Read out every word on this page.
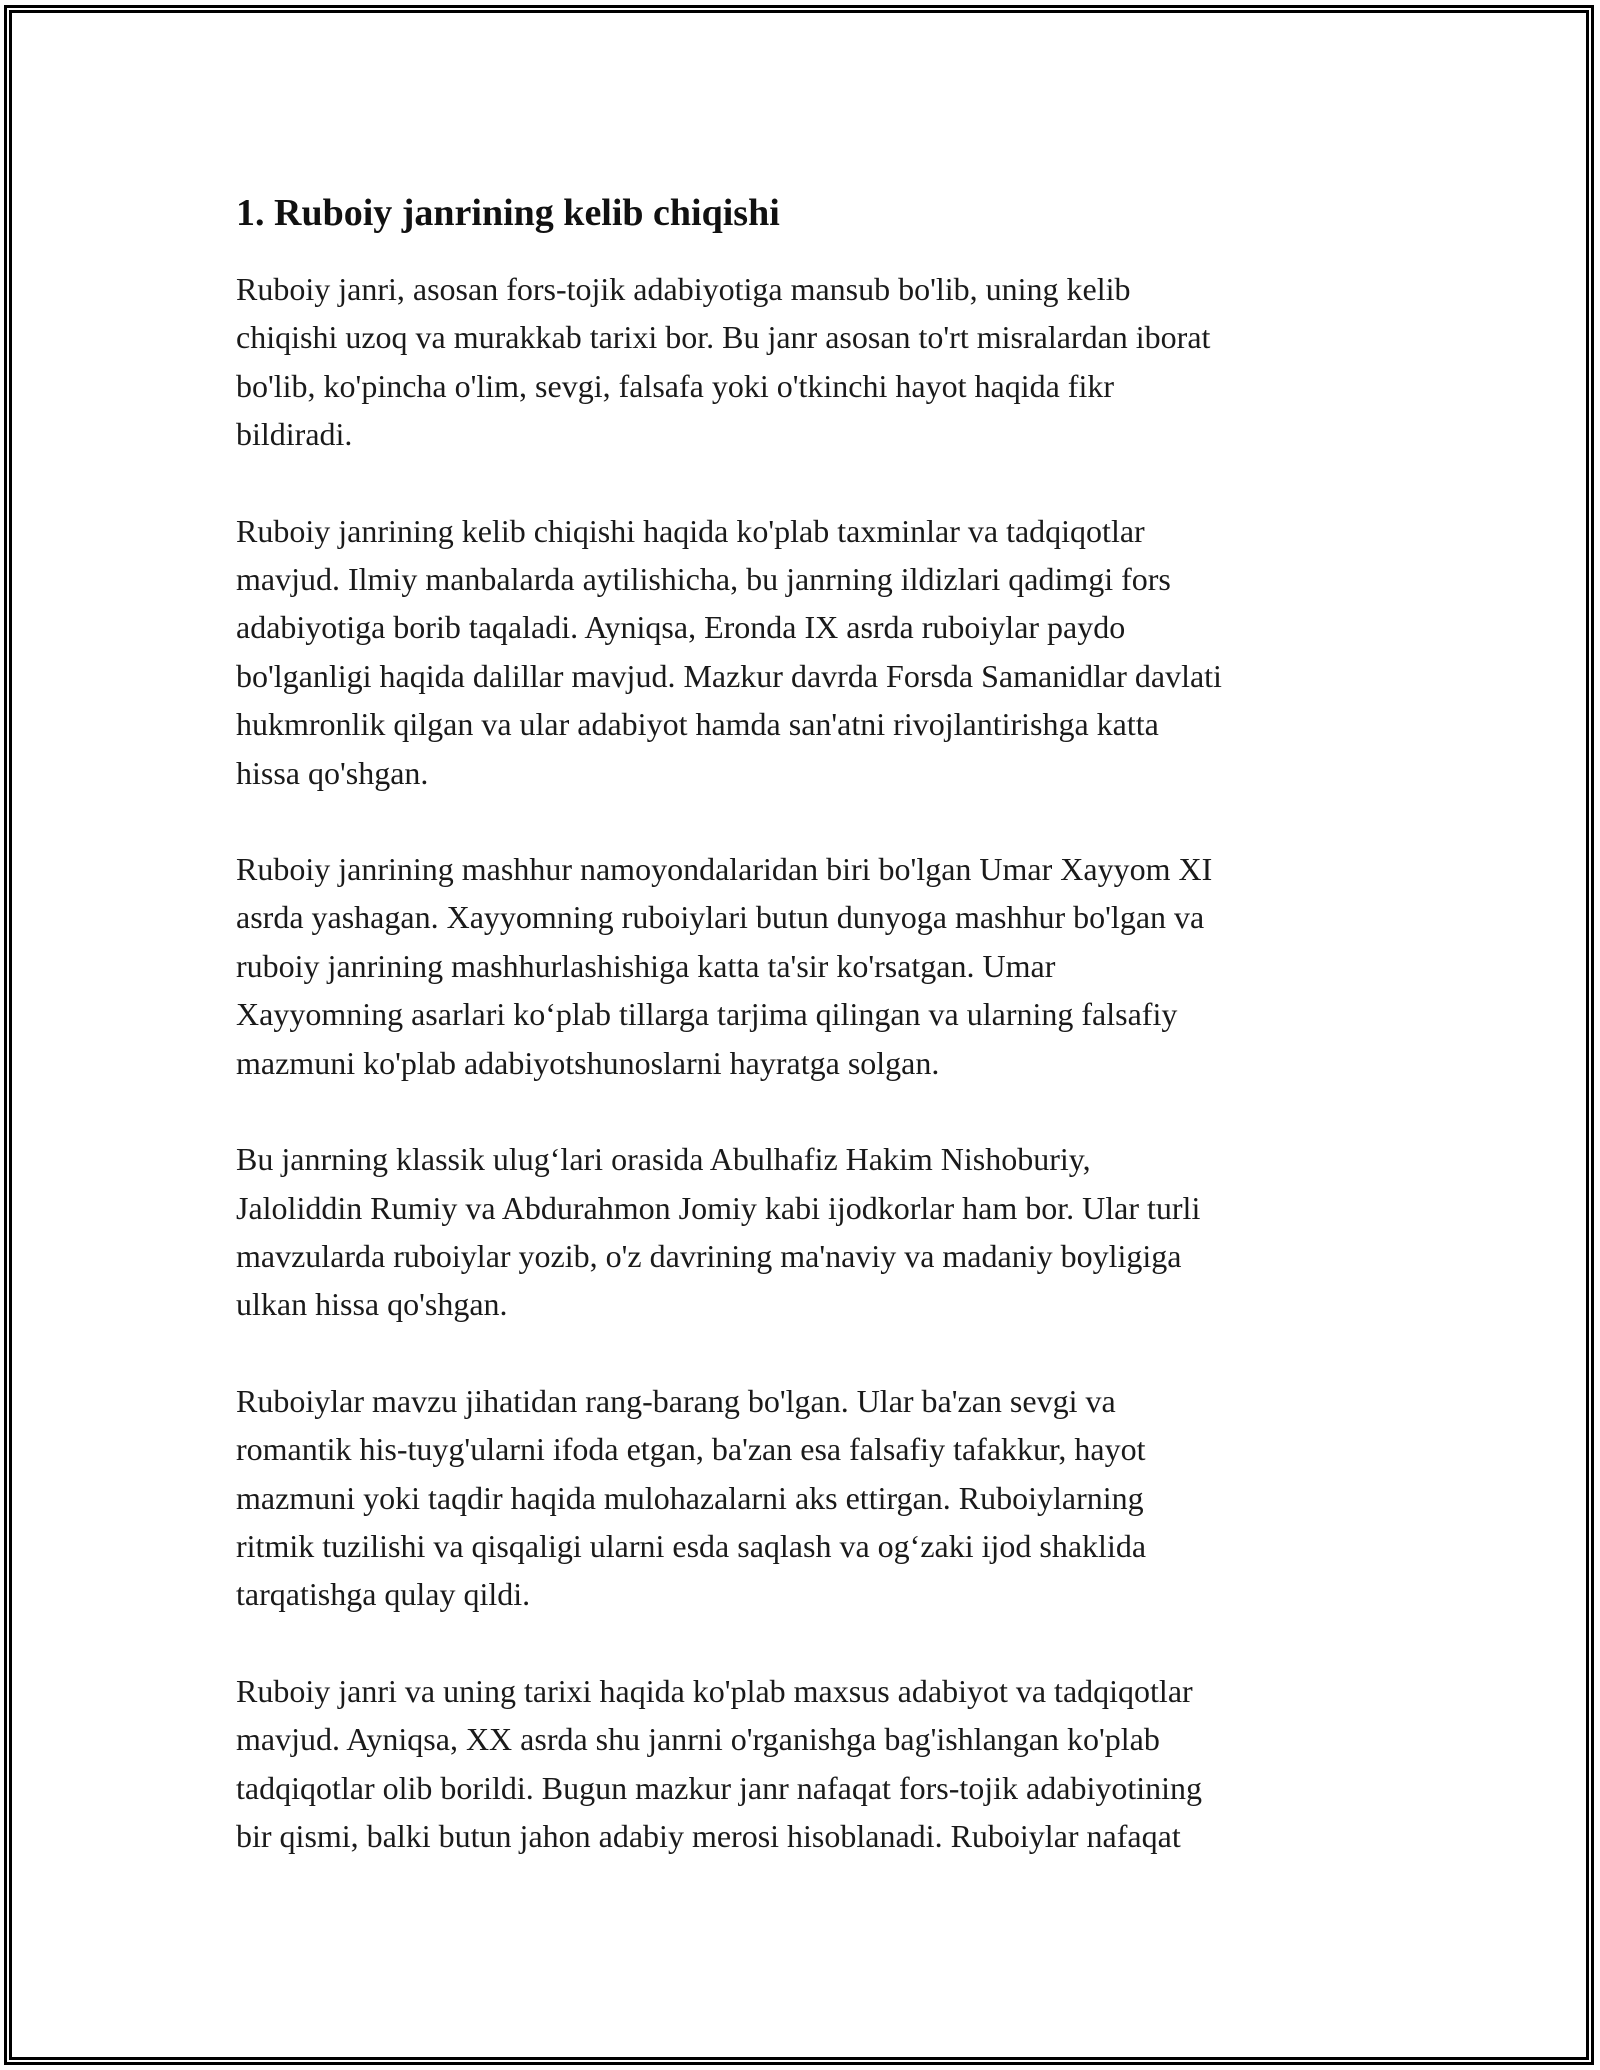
1. Ruboiy janrining kelib chiqishi

Ruboiy janri, asosan fors-tojik adabiyotiga mansub bo'lib, uning kelib
chiqishi uzoq va murakkab tarixi bor. Bu janr asosan to'rt misralardan iborat
bo'lib, ko'pincha o'lim, sevgi, falsafa yoki o'tkinchi hayot haqida fikr
bildiradi.

Ruboiy janrining kelib chiqishi haqida ko'plab taxminlar va tadqiqotlar
mavjud. Ilmiy manbalarda aytilishicha, bu janrning ildizlari qadimgi fors
adabiyotiga borib taqaladi. Ayniqsa, Eronda IX asrda ruboiylar paydo
bo'lganligi haqida dalillar mavjud. Mazkur davrda Forsda Samanidlar davlati
hukmronlik qilgan va ular adabiyot hamda san'atni rivojlantirishga katta
hissa qo'shgan.

Ruboiy janrining mashhur namoyondalaridan biri bo'lgan Umar Xayyom XI
asrda yashagan. Xayyomning ruboiylari butun dunyoga mashhur bo'lgan va
ruboiy janrining mashhurlashishiga katta ta'sir ko'rsatgan. Umar
Xayyomning asarlari ko‘plab tillarga tarjima qilingan va ularning falsafiy
mazmuni ko'plab adabiyotshunoslarni hayratga solgan.

Bu janrning klassik ulug‘lari orasida Abulhafiz Hakim Nishoburiy,
Jaloliddin Rumiy va Abdurahmon Jomiy kabi ijodkorlar ham bor. Ular turli
mavzularda ruboiylar yozib, o'z davrining ma'naviy va madaniy boyligiga
ulkan hissa qo'shgan.

Ruboiylar mavzu jihatidan rang-barang bo'lgan. Ular ba'zan sevgi va
romantik his-tuyg'ularni ifoda etgan, ba'zan esa falsafiy tafakkur, hayot
mazmuni yoki taqdir haqida mulohazalarni aks ettirgan. Ruboiylarning
ritmik tuzilishi va qisqaligi ularni esda saqlash va og‘zaki ijod shaklida
tarqatishga qulay qildi.

Ruboiy janri va uning tarixi haqida ko'plab maxsus adabiyot va tadqiqotlar
mavjud. Ayniqsa, XX asrda shu janrni o'rganishga bag'ishlangan ko'plab
tadqiqotlar olib borildi. Bugun mazkur janr nafaqat fors-tojik adabiyotining
bir qismi, balki butun jahon adabiy merosi hisoblanadi. Ruboiylar nafaqat
